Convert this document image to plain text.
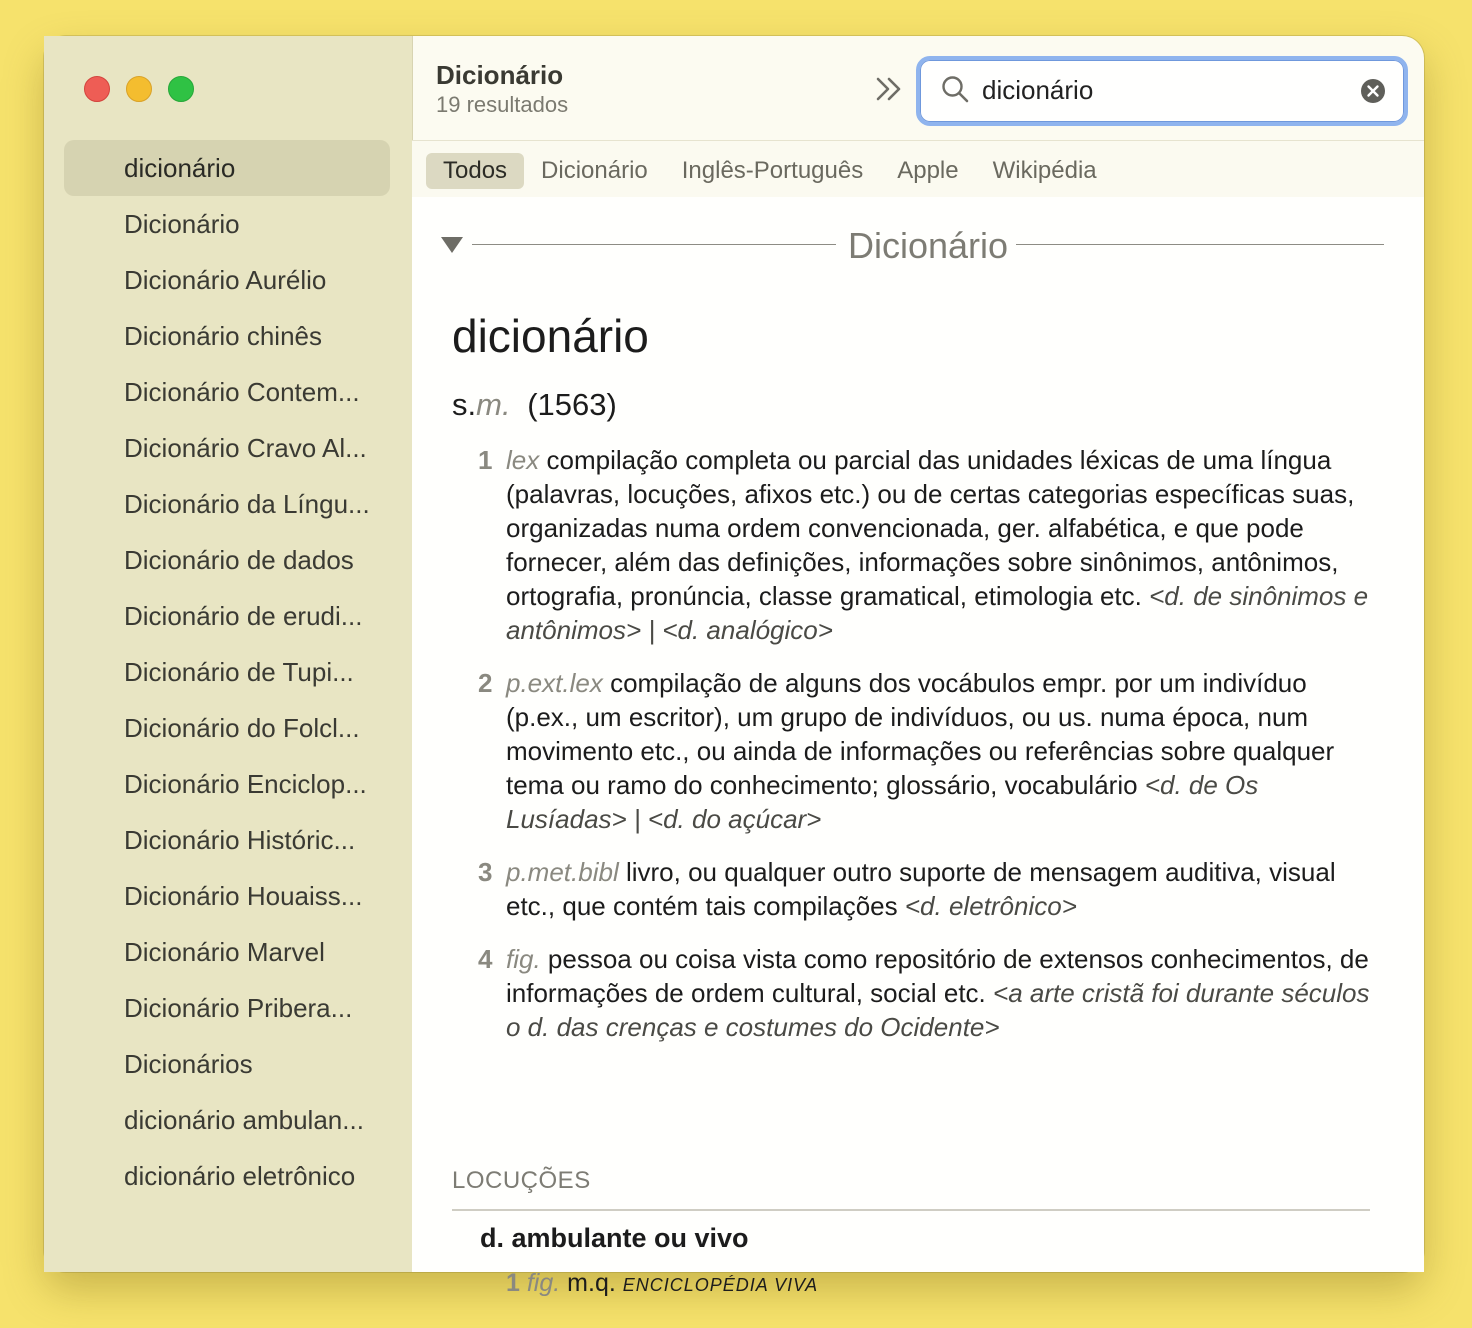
dicionário
Dicionário
Dicionário Aurélio
Dicionário chinês
Dicionário Contem...
Dicionário Cravo Al...
Dicionário da Língu...
Dicionário de dados
Dicionário de erudi...
Dicionário de Tupi...
Dicionário do Folcl...
Dicionário Enciclop...
Dicionário Históric...
Dicionário Houaiss...
Dicionário Marvel
Dicionário Pribera...
Dicionários
dicionário ambulan...
dicionário eletrônico
Dicionário
19 resultados
dicionário
Todos	Dicionário	Inglês-Português	Apple	Wikipédia
Dicionário
dicionário
s.m. (1563)
1 lex compilação completa ou parcial das unidades léxicas de uma língua (palavras, locuções, afixos etc.) ou de certas categorias específicas suas, organizadas numa ordem convencionada, ger. alfabética, e que pode fornecer, além das definições, informações sobre sinônimos, antônimos, ortografia, pronúncia, classe gramatical, etimologia etc. <d. de sinônimos e antônimos> | <d. analógico>
2 p.ext.lex compilação de alguns dos vocábulos empr. por um indivíduo (p.ex., um escritor), um grupo de indivíduos, ou us. numa época, num movimento etc., ou ainda de informações ou referências sobre qualquer tema ou ramo do conhecimento; glossário, vocabulário <d. de Os Lusíadas> | <d. do açúcar>
3 p.met.bibl livro, ou qualquer outro suporte de mensagem auditiva, visual etc., que contém tais compilações <d. eletrônico>
4 fig. pessoa ou coisa vista como repositório de extensos conhecimentos, de informações de ordem cultural, social etc. <a arte cristã foi durante séculos o d. das crenças e costumes do Ocidente>
LOCUÇÕES
d. ambulante ou vivo
1 fig. m.q. ENCICLOPÉDIA VIVA
